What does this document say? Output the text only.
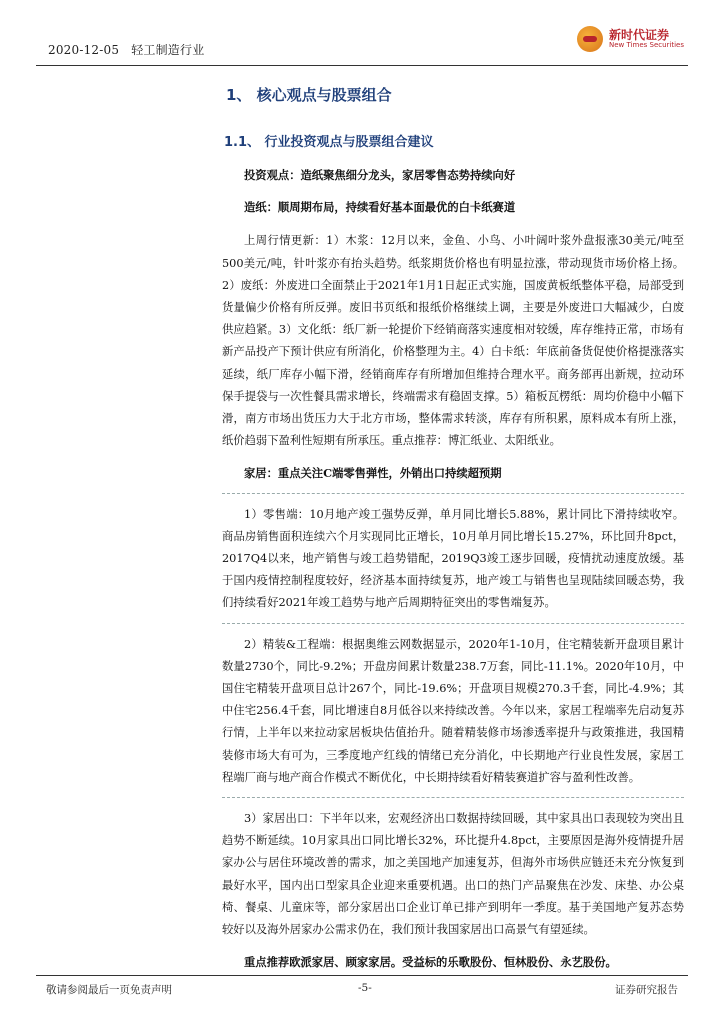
2020-12-05 轻工制造行业
新时代证券
New Times Securities
1、 核心观点与股票组合
1.1、 行业投资观点与股票组合建议

投资观点：造纸聚焦细分龙头，家居零售态势持续向好

造纸：顺周期布局，持续看好基本面最优的白卡纸赛道

上周行情更新：1）木浆：12月以来，金鱼、小鸟、小叶阔叶浆外盘报涨30美元/吨至500美元/吨，针叶浆亦有抬头趋势。纸浆期货价格也有明显拉涨，带动现货市场价格上扬。2）废纸：外废进口全面禁止于2021年1月1日起正式实施，国废黄板纸整体平稳，局部受到货量偏少价格有所反弹。废旧书页纸和报纸价格继续上调，主要是外废进口大幅减少，白废供应趋紧。3）文化纸：纸厂新一轮提价下经销商落实速度相对较缓，库存维持正常，市场有新产品投产下预计供应有所消化，价格整理为主。4）白卡纸：年底前备货促使价格提涨落实延续，纸厂库存小幅下滑，经销商库存有所增加但维持合理水平。商务部再出新规，拉动环保手提袋与一次性餐具需求增长，终端需求有稳固支撑。5）箱板瓦楞纸：周均价稳中小幅下滑，南方市场出货压力大于北方市场，整体需求转淡，库存有所积累，原料成本有所上涨，纸价趋弱下盈利性短期有所承压。重点推荐：博汇纸业、太阳纸业。

家居：重点关注C端零售弹性，外销出口持续超预期

1）零售端：10月地产竣工强势反弹，单月同比增长5.88%，累计同比下滑持续收窄。商品房销售面积连续六个月实现同比正增长，10月单月同比增长15.27%，环比回升8pct，2017Q4以来，地产销售与竣工趋势错配，2019Q3竣工逐步回暖，疫情扰动速度放缓。基于国内疫情控制程度较好，经济基本面持续复苏，地产竣工与销售也呈现陆续回暖态势，我们持续看好2021年竣工趋势与地产后周期特征突出的零售端复苏。

2）精装&工程端：根据奥维云网数据显示，2020年1-10月，住宅精装新开盘项目累计数量2730个，同比-9.2%；开盘房间累计数量238.7万套，同比-11.1%。2020年10月，中国住宅精装开盘项目总计267个，同比-19.6%；开盘项目规模270.3千套，同比-4.9%；其中住宅256.4千套，同比增速自8月低谷以来持续改善。今年以来，家居工程端率先启动复苏行情，上半年以来拉动家居板块估值抬升。随着精装修市场渗透率提升与政策推进，我国精装修市场大有可为，三季度地产红线的情绪已充分消化，中长期地产行业良性发展，家居工程端厂商与地产商合作模式不断优化，中长期持续看好精装赛道扩容与盈利性改善。

3）家居出口：下半年以来，宏观经济出口数据持续回暖，其中家具出口表现较为突出且趋势不断延续。10月家具出口同比增长32%，环比提升4.8pct，主要原因是海外疫情提升居家办公与居住环境改善的需求，加之美国地产加速复苏，但海外市场供应链还未充分恢复到最好水平，国内出口型家具企业迎来重要机遇。出口的热门产品聚焦在沙发、床垫、办公桌椅、餐桌、儿童床等，部分家居出口企业订单已排产到明年一季度。基于美国地产复苏态势较好以及海外居家办公需求仍在，我们预计我国家居出口高景气有望延续。

重点推荐欧派家居、顾家家居。受益标的乐歌股份、恒林股份、永艺股份。

敬请参阅最后一页免责声明	-5-	证券研究报告
